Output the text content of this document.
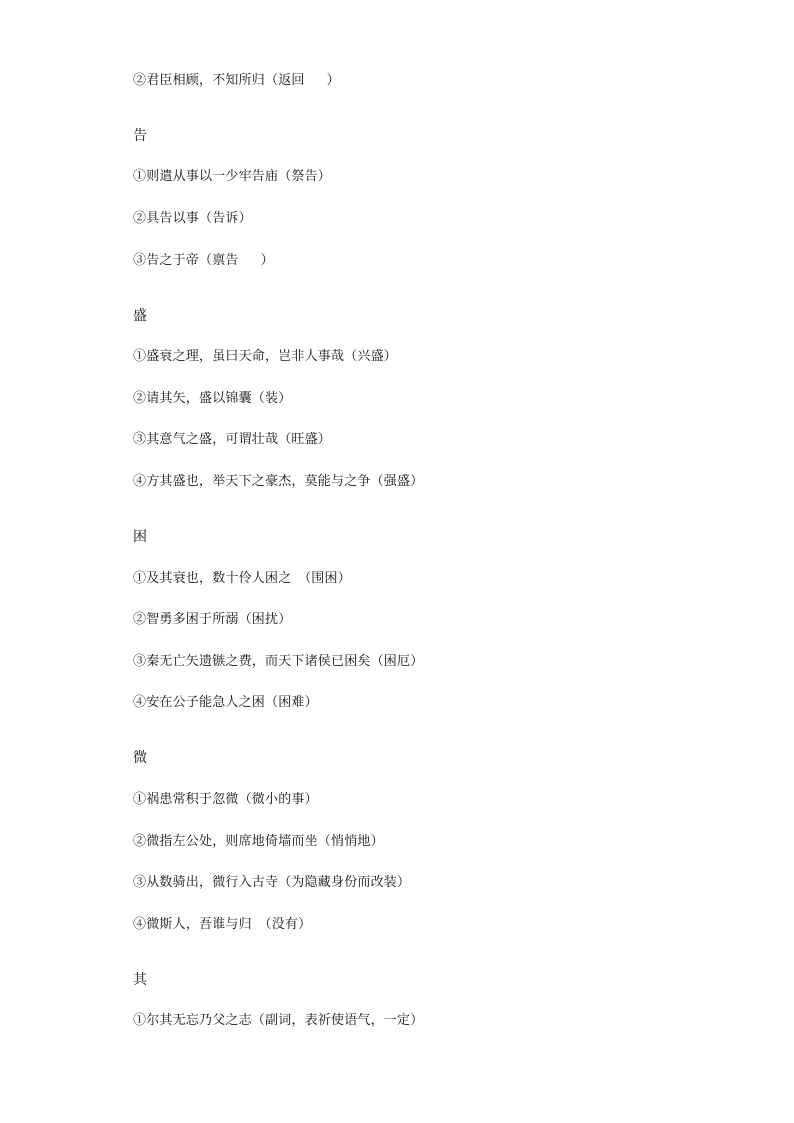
②君臣相顾，不知所归（返回 ）
告
①则遣从事以一少牢告庙（祭告）
②具告以事（告诉）
③告之于帝（禀告 ）
盛
①盛衰之理，虽曰天命，岂非人事哉（兴盛）
②请其矢，盛以锦囊（装）
③其意气之盛，可谓壮哉（旺盛）
④方其盛也，举天下之豪杰，莫能与之争（强盛）
困
①及其衰也，数十伶人困之　（围困）
②智勇多困于所溺（困扰）
③秦无亡矢遗镞之费，而天下诸侯已困矣（困厄）
④安在公子能急人之困（困难）
微
①祸患常积于忽微（微小的事）
②微指左公处，则席地倚墙而坐（悄悄地）
③从数骑出，微行入古寺（为隐藏身份而改装）
④微斯人，吾谁与归　（没有）
其
①尔其无忘乃父之志（副词，表祈使语气，一定）
